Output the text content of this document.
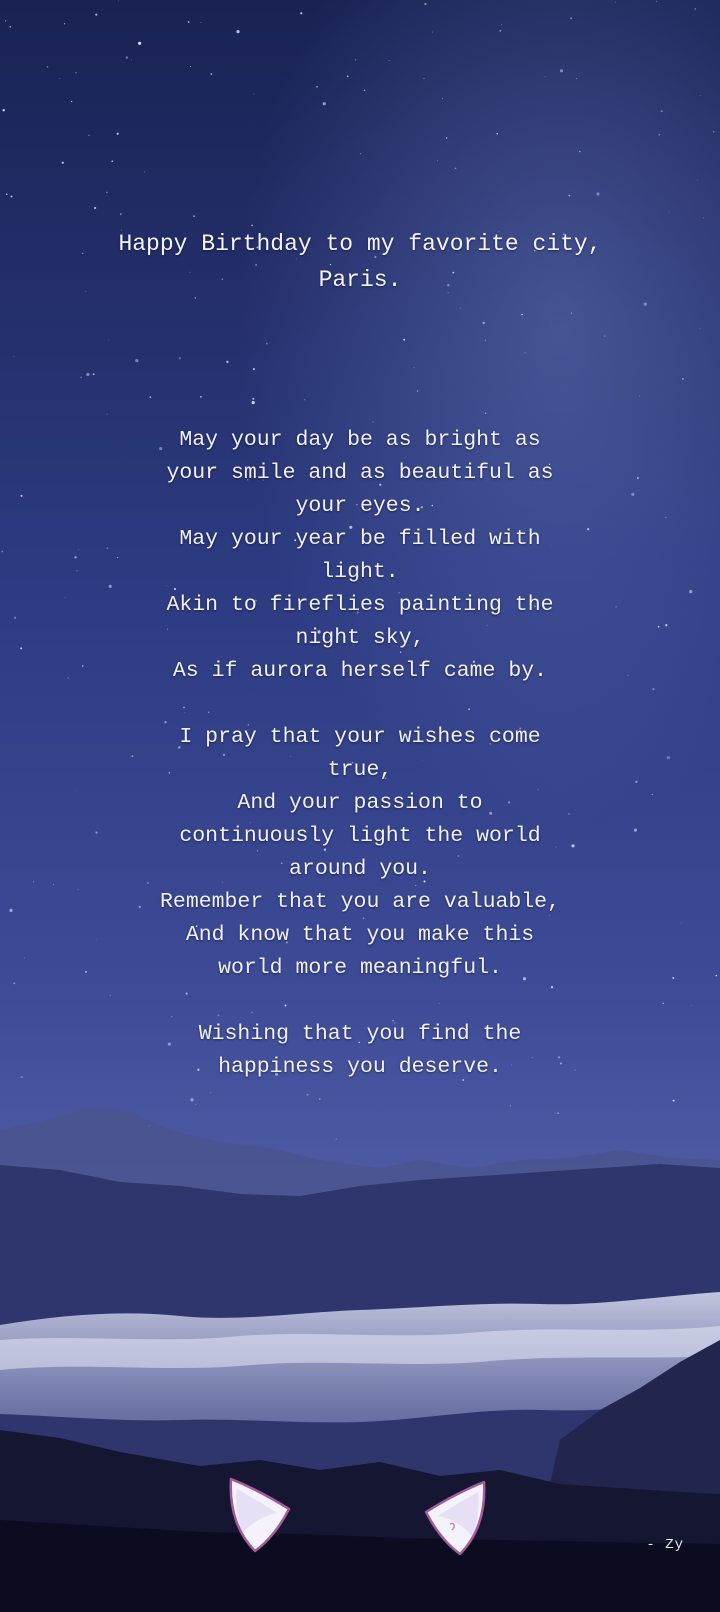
Happy Birthday to my favorite city,
Paris.

May your day be as bright as
your smile and as beautiful as
your eyes.
May your year be filled with
light.
Akin to fireflies painting the
night sky,
As if aurora herself came by.

I pray that your wishes come
true,
And your passion to
continuously light the world
around you.
Remember that you are valuable,
And know that you make this
world more meaningful.

Wishing that you find the
happiness you deserve.

- Zy
